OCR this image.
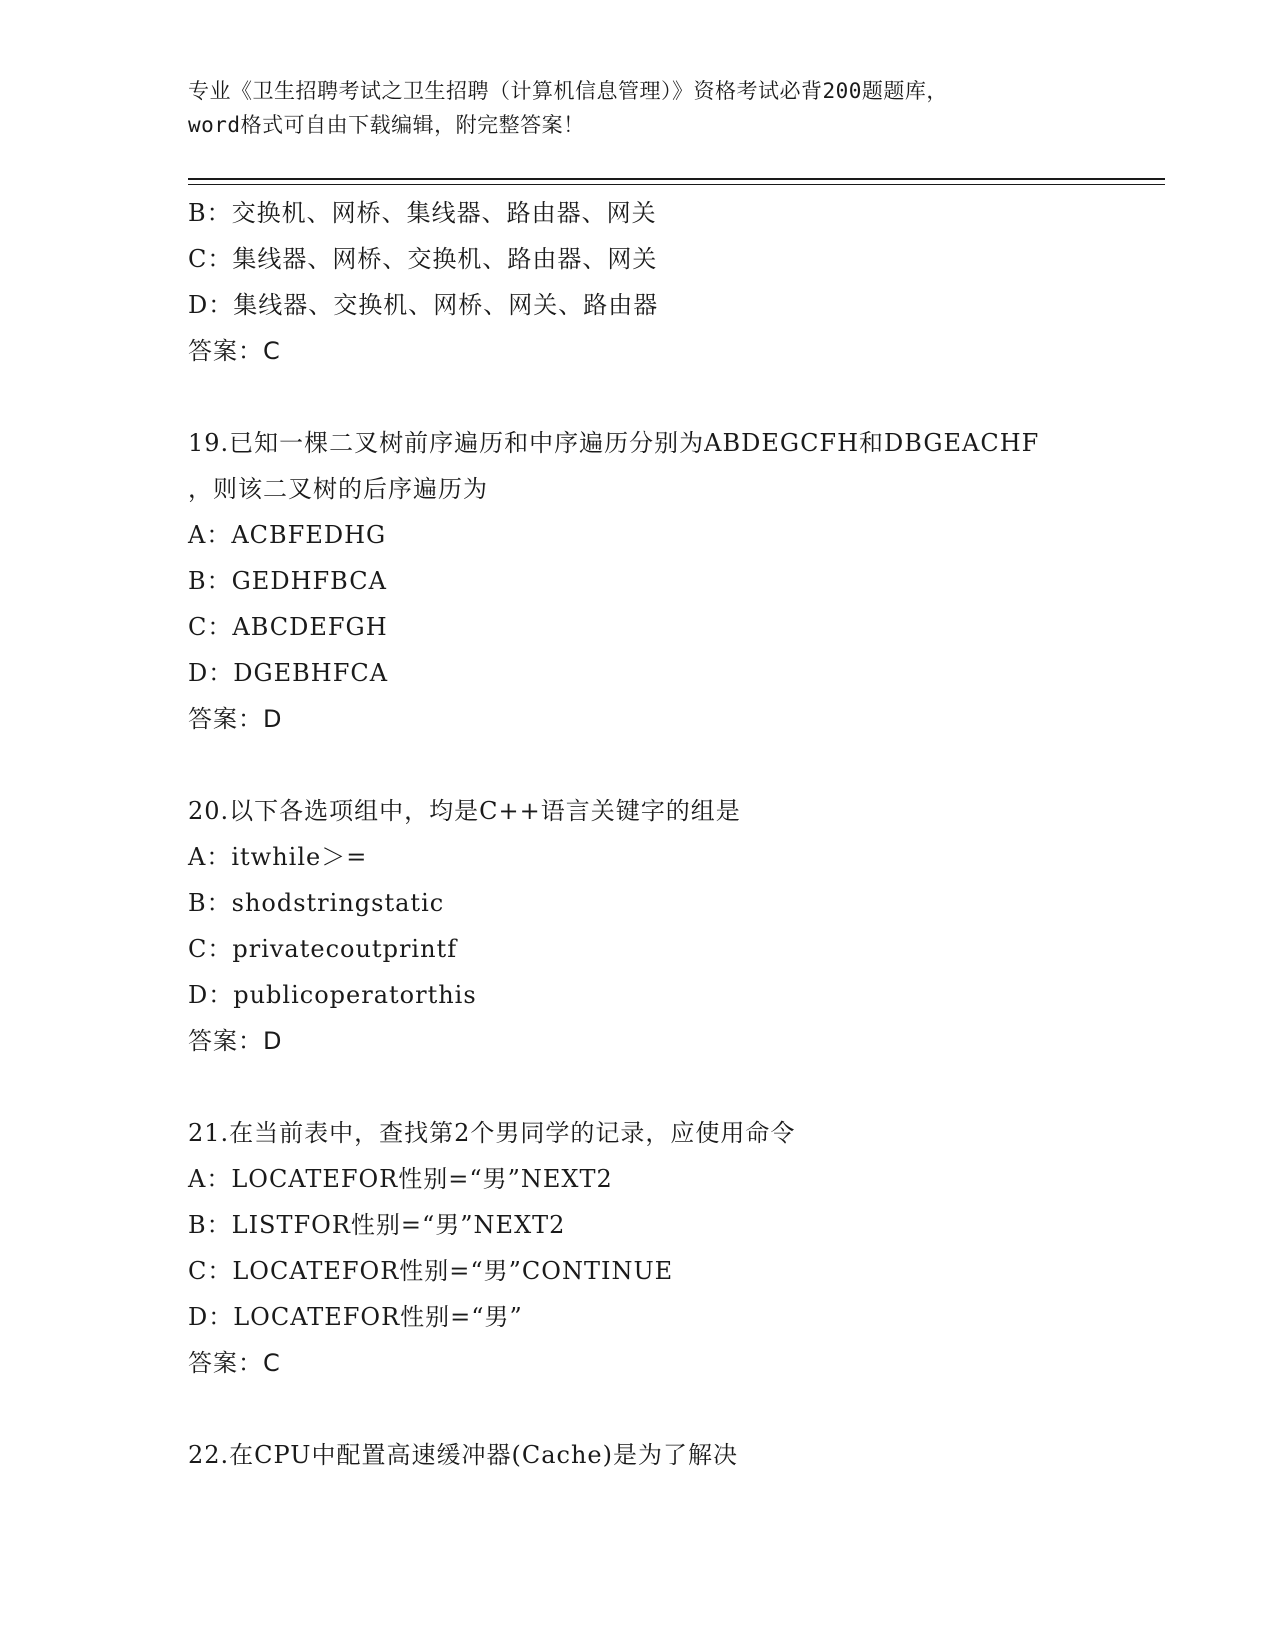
专业《卫生招聘考试之卫生招聘（计算机信息管理）》资格考试必背200题题库，
word格式可自由下载编辑，附完整答案！
B：交换机、网桥、集线器、路由器、网关
C：集线器、网桥、交换机、路由器、网关
D：集线器、交换机、网桥、网关、路由器
答案：C
19.已知一棵二叉树前序遍历和中序遍历分别为ABDEGCFH和DBGEACHF
，则该二叉树的后序遍历为
A：ACBFEDHG
B：GEDHFBCA
C：ABCDEFGH
D：DGEBHFCA
答案：D
20.以下各选项组中，均是C++语言关键字的组是
A：itwhile＞=
B：shodstringstatic
C：privatecoutprintf
D：publicoperatorthis
答案：D
21.在当前表中，查找第2个男同学的记录，应使用命令
A：LOCATEFOR性别=“男”NEXT2
B：LISTFOR性别=“男”NEXT2
C：LOCATEFOR性别=“男”CONTINUE
D：LOCATEFOR性别=“男”
答案：C
22.在CPU中配置高速缓冲器(Cache)是为了解决
